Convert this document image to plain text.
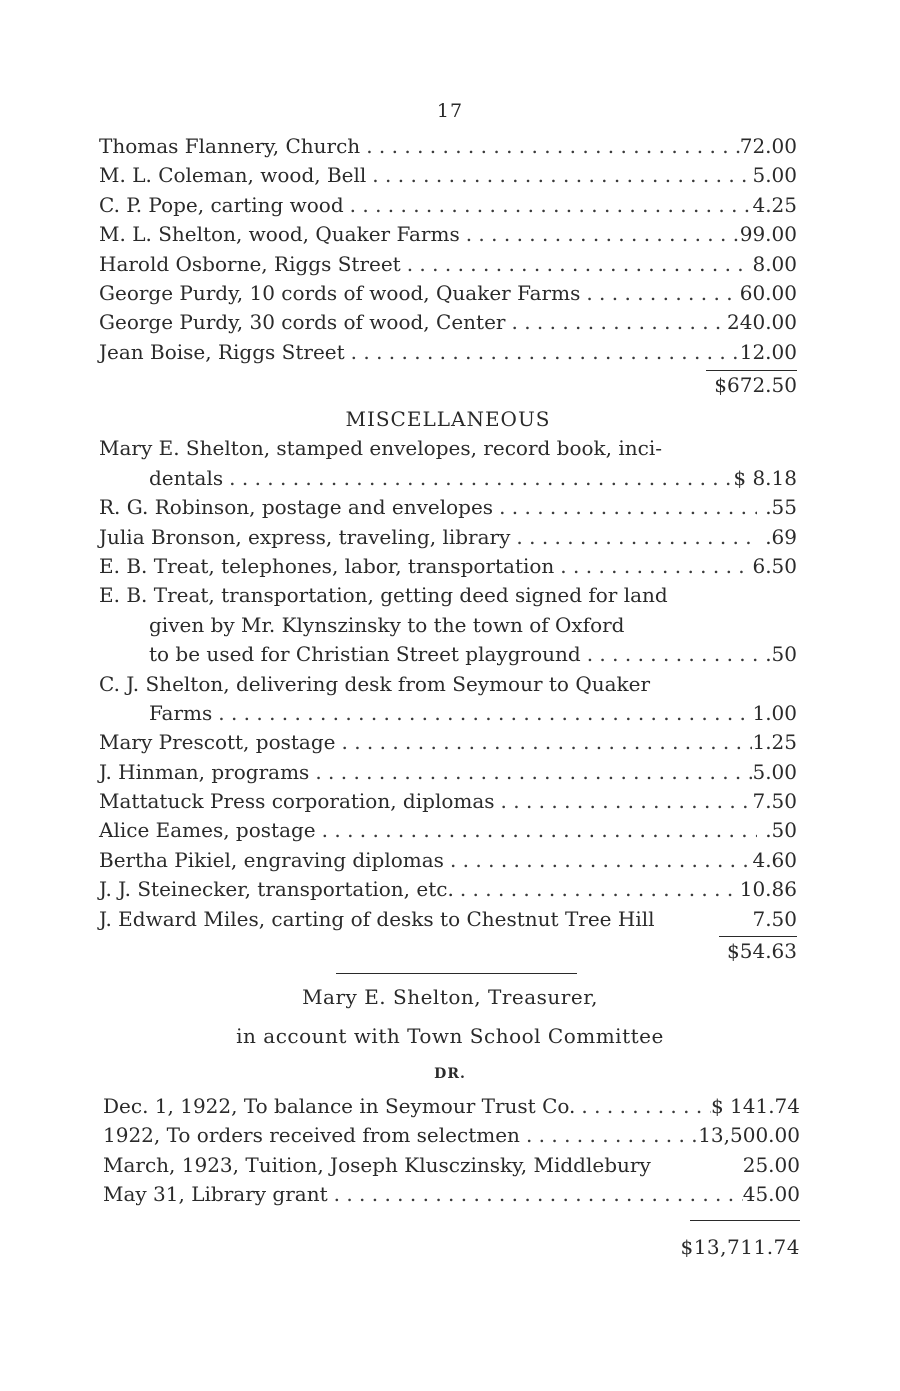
17
Thomas Flannery, Church . . .	72.00
M. L. Coleman, wood, Bell . . .	5.00
C. P. Pope, carting wood . . .	4.25
M. L. Shelton, wood, Quaker Farms . . .	99.00
Harold Osborne, Riggs Street . . .	8.00
George Purdy, 10 cords of wood, Quaker Farms . . .	60.00
George Purdy, 30 cords of wood, Center . . .	240.00
Jean Boise, Riggs Street . . .	12.00
$672.50
MISCELLANEOUS
Mary E. Shelton, stamped envelopes, record book, inci-
dentals . . .	$ 8.18
R. G. Robinson, postage and envelopes . . .	.55
Julia Bronson, express, traveling, library . . .	.69
E. B. Treat, telephones, labor, transportation . . .	6.50
E. B. Treat, transportation, getting deed signed for land
given by Mr. Klynszinsky to the town of Oxford
to be used for Christian Street playground . . .	.50
C. J. Shelton, delivering desk from Seymour to Quaker
Farms . . .	1.00
Mary Prescott, postage . . .	1.25
J. Hinman, programs . . .	5.00
Mattatuck Press corporation, diplomas . . .	7.50
Alice Eames, postage . . .	.50
Bertha Pikiel, engraving diplomas . . .	4.60
J. J. Steinecker, transportation, etc. . . .	10.86
J. Edward Miles, carting of desks to Chestnut Tree Hill	7.50
$54.63
Mary E. Shelton, Treasurer,
in account with Town School Committee
DR.
Dec. 1, 1922, To balance in Seymour Trust Co. . . .	$ 141.74
1922, To orders received from selectmen . . .	13,500.00
March, 1923, Tuition, Joseph Klusczinsky, Middlebury	25.00
May 31, Library grant . . .	45.00
$13,711.74
